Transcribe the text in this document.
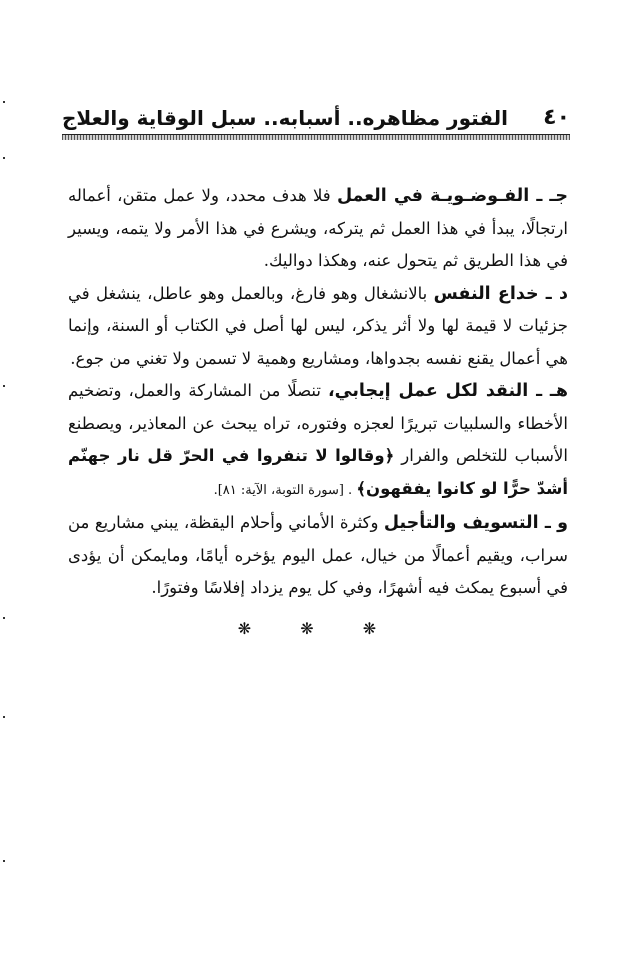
٤٠
الفتور مظاهره.. أسبابه.. سبل الوقاية والعلاج

جـ ـ الفـوضـويـة في العمل فلا هدف محدد، ولا عمل متقن، أعماله ارتجالًا، يبدأ في هذا العمل ثم يتركه، ويشرع في هذا الأمر ولا يتمه، ويسير في هذا الطريق ثم يتحول عنه، وهكذا دواليك.

د ـ خداع النفس بالانشغال وهو فارغ، وبالعمل وهو عاطل، ينشغل في جزئيات لا قيمة لها ولا أثر يذكر، ليس لها أصل في الكتاب أو السنة، وإنما هي أعمال يقنع نفسه بجدواها، ومشاريع وهمية لا تسمن ولا تغني من جوع.

هـ ـ النقد لكل عمل إيجابي، تنصلًا من المشاركة والعمل، وتضخيم الأخطاء والسلبيات تبريرًا لعجزه وفتوره، تراه يبحث عن المعاذير، ويصطنع الأسباب للتخلص والفرار ﴿وقالوا لا تنفروا في الحرّ قل نار جهنّم أشدّ حرًّا لو كانوا يفقهون﴾ . [سورة التوبة، الآية: ٨١].

و ـ التسويف والتأجيل وكثرة الأماني وأحلام اليقظة، يبني مشاريع من سراب، ويقيم أعمالًا من خيال، عمل اليوم يؤخره أيامًا، ومايمكن أن يؤدى في أسبوع يمكث فيه أشهرًا، وفي كل يوم يزداد إفلاسًا وفتورًا.

❋ ❋ ❋
